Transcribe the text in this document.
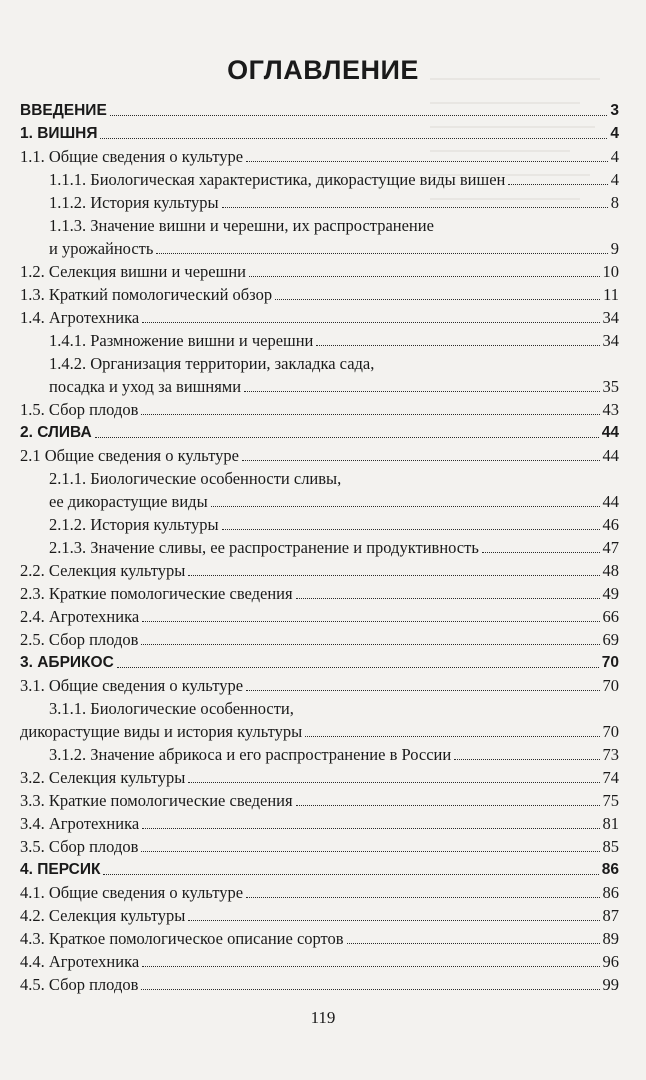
ОГЛАВЛЕНИЕ
ВВЕДЕНИЕ	3
1. ВИШНЯ	4
1.1. Общие сведения о культуре	4
1.1.1. Биологическая характеристика, дикорастущие виды вишен	4
1.1.2. История культуры	8
1.1.3. Значение вишни и черешни, их распространение
и урожайность	9
1.2. Селекция вишни и черешни	10
1.3. Краткий помологический обзор	11
1.4. Агротехника	34
1.4.1. Размножение вишни и черешни	34
1.4.2. Организация территории, закладка сада,
посадка и уход за вишнями	35
1.5. Сбор плодов	43
2. СЛИВА	44
2.1 Общие сведения о культуре	44
2.1.1. Биологические особенности сливы,
ее дикорастущие виды	44
2.1.2. История культуры	46
2.1.3. Значение сливы, ее распространение и продуктивность	47
2.2. Селекция культуры	48
2.3. Краткие помологические сведения	49
2.4. Агротехника	66
2.5. Сбор плодов	69
3. АБРИКОС	70
3.1. Общие сведения о культуре	70
3.1.1. Биологические особенности,
дикорастущие виды и история культуры	70
3.1.2. Значение абрикоса и его распространение в России	73
3.2. Селекция культуры	74
3.3. Краткие помологические сведения	75
3.4. Агротехника	81
3.5. Сбор плодов	85
4. ПЕРСИК	86
4.1. Общие сведения о культуре	86
4.2. Селекция культуры	87
4.3. Краткое помологическое описание сортов	89
4.4. Агротехника	96
4.5. Сбор плодов	99
119
